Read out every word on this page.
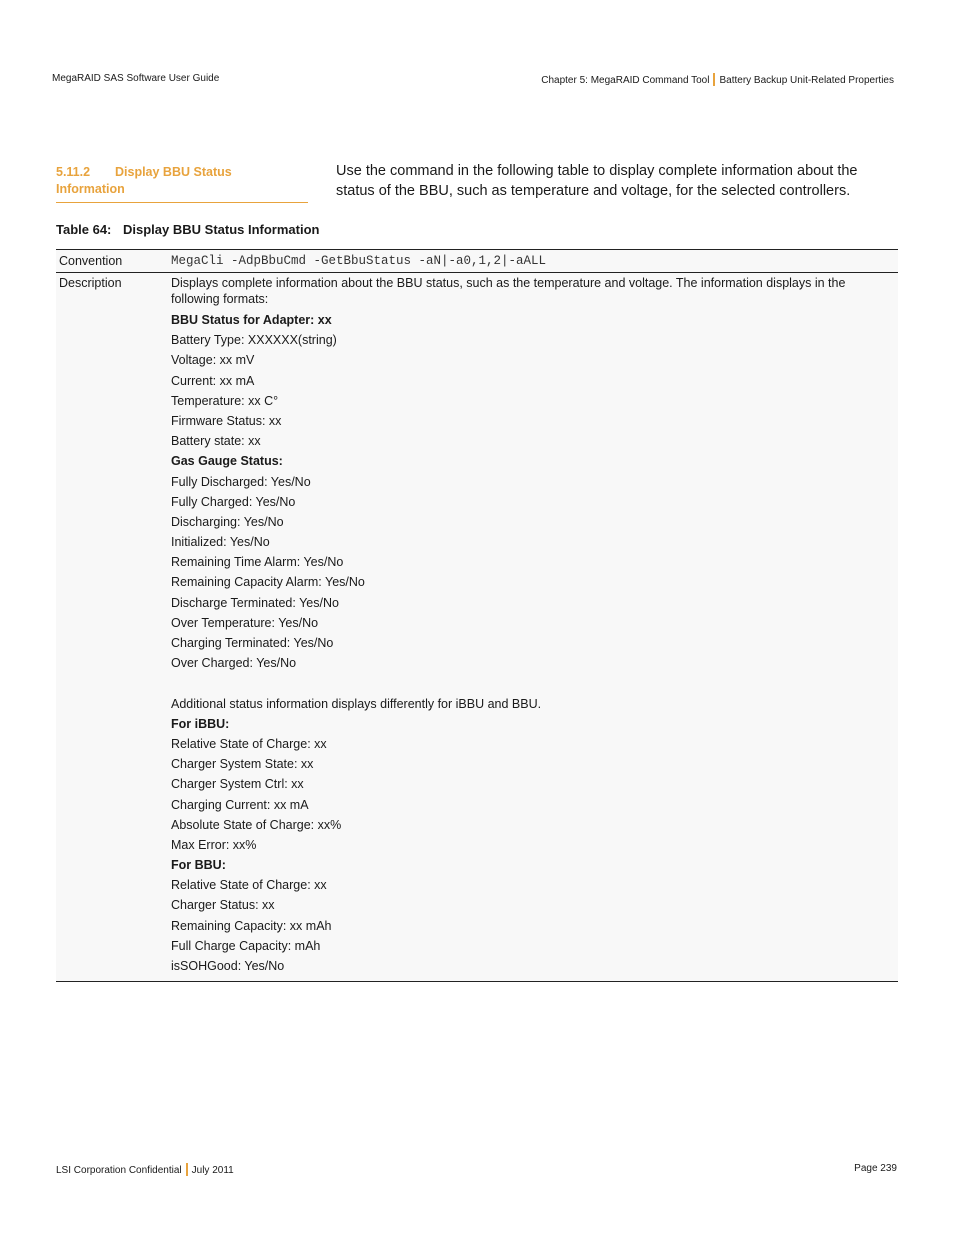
MegaRAID SAS Software User Guide	Chapter 5: MegaRAID Command Tool Battery Backup Unit-Related Properties
5.11.2 Display BBU Status
Information
Use the command in the following table to display complete information about the status of the BBU, such as temperature and voltage, for the selected controllers.
Table 64: Display BBU Status Information
Convention	MegaCli -AdpBbuCmd -GetBbuStatus -aN|-a0,1,2|-aALL
Description	Displays complete information about the BBU status, such as the temperature and voltage. The information displays in the following formats:
BBU Status for Adapter: xx
Battery Type: XXXXXX(string)
Voltage: xx mV
Current: xx mA
Temperature: xx C°
Firmware Status: xx
Battery state: xx
Gas Gauge Status:
Fully Discharged: Yes/No
Fully Charged: Yes/No
Discharging: Yes/No
Initialized: Yes/No
Remaining Time Alarm: Yes/No
Remaining Capacity Alarm: Yes/No
Discharge Terminated: Yes/No
Over Temperature: Yes/No
Charging Terminated: Yes/No
Over Charged: Yes/No
Additional status information displays differently for iBBU and BBU.
For iBBU:
Relative State of Charge: xx
Charger System State: xx
Charger System Ctrl: xx
Charging Current: xx mA
Absolute State of Charge: xx%
Max Error: xx%
For BBU:
Relative State of Charge: xx
Charger Status: xx
Remaining Capacity: xx mAh
Full Charge Capacity: mAh
isSOHGood: Yes/No
LSI Corporation Confidential July 2011	Page 239
